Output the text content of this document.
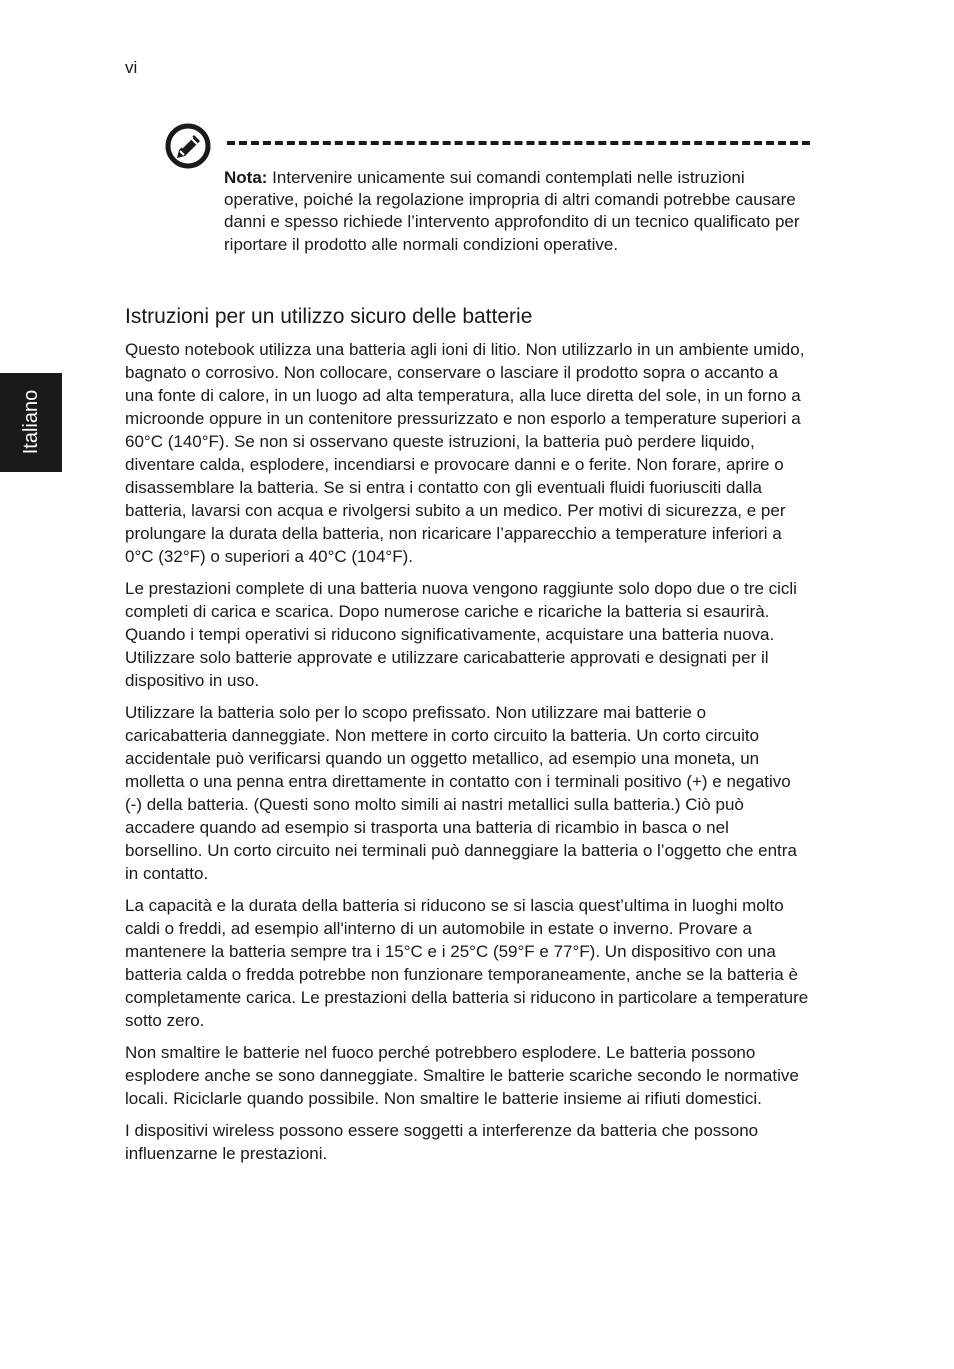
vi
Italiano

Nota: Intervenire unicamente sui comandi contemplati nelle istruzioni operative, poiché la regolazione impropria di altri comandi potrebbe causare danni e spesso richiede l’intervento approfondito di un tecnico qualificato per riportare il prodotto alle normali condizioni operative.

Istruzioni per un utilizzo sicuro delle batterie

Questo notebook utilizza una batteria agli ioni di litio. Non utilizzarlo in un ambiente umido, bagnato o corrosivo. Non collocare, conservare o lasciare il prodotto sopra o accanto a una fonte di calore, in un luogo ad alta temperatura, alla luce diretta del sole, in un forno a microonde oppure in un contenitore pressurizzato e non esporlo a temperature superiori a 60°C (140°F). Se non si osservano queste istruzioni, la batteria può perdere liquido, diventare calda, esplodere, incendiarsi e provocare danni e o ferite. Non forare, aprire o disassemblare la batteria. Se si entra i contatto con gli eventuali fluidi fuoriusciti dalla batteria, lavarsi con acqua e rivolgersi subito a un medico. Per motivi di sicurezza, e per prolungare la durata della batteria, non ricaricare l’apparecchio a temperature inferiori a 0°C (32°F) o superiori a 40°C (104°F).

Le prestazioni complete di una batteria nuova vengono raggiunte solo dopo due o tre cicli completi di carica e scarica. Dopo numerose cariche e ricariche la batteria si esaurirà. Quando i tempi operativi si riducono significativamente, acquistare una batteria nuova. Utilizzare solo batterie approvate e utilizzare caricabatterie approvati e designati per il dispositivo in uso.

Utilizzare la batteria solo per lo scopo prefissato. Non utilizzare mai batterie o caricabatteria danneggiate. Non mettere in corto circuito la batteria. Un corto circuito accidentale può verificarsi quando un oggetto metallico, ad esempio una moneta, un molletta o una penna entra direttamente in contatto con i terminali positivo (+) e negativo (-) della batteria. (Questi sono molto simili ai nastri metallici sulla batteria.) Ciò può accadere quando ad esempio si trasporta una batteria di ricambio in basca o nel borsellino. Un corto circuito nei terminali può danneggiare la batteria o l’oggetto che entra in contatto.

La capacità e la durata della batteria si riducono se si lascia quest’ultima in luoghi molto caldi o freddi, ad esempio all'interno di un automobile in estate o inverno. Provare a mantenere la batteria sempre tra i 15°C e i 25°C (59°F e 77°F). Un dispositivo con una batteria calda o fredda potrebbe non funzionare temporaneamente, anche se la batteria è completamente carica. Le prestazioni della batteria si riducono in particolare a temperature sotto zero.

Non smaltire le batterie nel fuoco perché potrebbero esplodere. Le batteria possono esplodere anche se sono danneggiate. Smaltire le batterie scariche secondo le normative locali. Riciclarle quando possibile. Non smaltire le batterie insieme ai rifiuti domestici.

I dispositivi wireless possono essere soggetti a interferenze da batteria che possono influenzarne le prestazioni.
